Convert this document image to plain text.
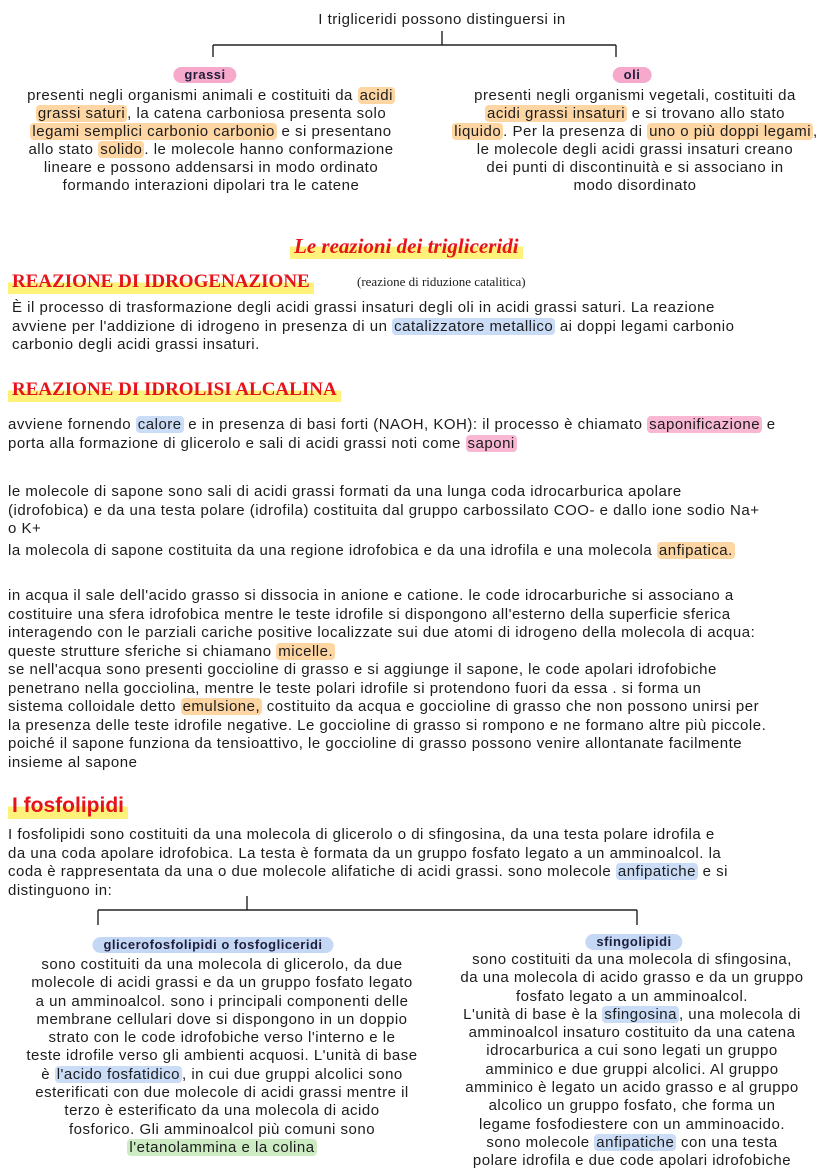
I trigliceridi possono distinguersi in
grassi
presenti negli organismi animali e costituiti da acidi
grassi saturi , la catena carboniosa presenta solo
legami semplici carbonio carbonio e si presentano
allo stato solido . le molecole hanno conformazione
lineare e possono addensarsi in modo ordinato
formando interazioni dipolari tra le catene
oli
presenti negli organismi vegetali, costituiti da
acidi grassi insaturi e si trovano allo stato
liquido . Per la presenza di uno o più doppi legami ,
le molecole degli acidi grassi insaturi creano
dei punti di discontinuità e si associano in
modo disordinato
Le reazioni dei trigliceridi
REAZIONE DI IDROGENAZIONE	(reazione di riduzione catalitica)
È il processo di trasformazione degli acidi grassi insaturi degli oli in acidi grassi saturi. La reazione
avviene per l'addizione di idrogeno in presenza di un catalizzatore metallico ai doppi legami carbonio
carbonio degli acidi grassi insaturi.
REAZIONE DI IDROLISI ALCALINA
avviene fornendo calore e in presenza di basi forti (NAOH, KOH): il processo è chiamato saponificazione e
porta alla formazione di glicerolo e sali di acidi grassi noti come saponi
le molecole di sapone sono sali di acidi grassi formati da una lunga coda idrocarburica apolare
(idrofobica) e da una testa polare (idrofila) costituita dal gruppo carbossilato COO- e dallo ione sodio Na+
o K+
la molecola di sapone costituita da una regione idrofobica e da una idrofila e una molecola anfipatica.
in acqua il sale dell'acido grasso si dissocia in anione e catione. le code idrocarburiche si associano a
costituire una sfera idrofobica mentre le teste idrofile si dispongono all'esterno della superficie sferica
interagendo con le parziali cariche positive localizzate sui due atomi di idrogeno della molecola di acqua:
queste strutture sferiche si chiamano micelle.
se nell'acqua sono presenti goccioline di grasso e si aggiunge il sapone, le code apolari idrofobiche
penetrano nella gocciolina, mentre le teste polari idrofile si protendono fuori da essa . si forma un
sistema colloidale detto emulsione, costituito da acqua e goccioline di grasso che non possono unirsi per
la presenza delle teste idrofile negative. Le goccioline di grasso si rompono e ne formano altre più piccole.
poiché il sapone funziona da tensioattivo, le goccioline di grasso possono venire allontanate facilmente
insieme al sapone
I fosfolipidi
I fosfolipidi sono costituiti da una molecola di glicerolo o di sfingosina, da una testa polare idrofila e
da una coda apolare idrofobica. La testa è formata da un gruppo fosfato legato a un amminoalcol. la
coda è rappresentata da una o due molecole alifatiche di acidi grassi. sono molecole anfipatiche e si
distinguono in:
glicerofosfolipidi o fosfogliceridi
sono costituiti da una molecola di glicerolo, da due
molecole di acidi grassi e da un gruppo fosfato legato
a un amminoalcol. sono i principali componenti delle
membrane cellulari dove si dispongono in un doppio
strato con le code idrofobiche verso l'interno e le
teste idrofile verso gli ambienti acquosi. L'unità di base
è l'acido fosfatidico , in cui due gruppi alcolici sono
esterificati con due molecole di acidi grassi mentre il
terzo è esterificato da una molecola di acido
fosforico. Gli amminoalcol più comuni sono
l'etanolammina e la colina
sfingolipidi
sono costituiti da una molecola di sfingosina,
da una molecola di acido grasso e da un gruppo
fosfato legato a un amminoalcol.
L'unità di base è la sfingosina , una molecola di
amminoalcol insaturo costituito da una catena
idrocarburica a cui sono legati un gruppo
amminico e due gruppi alcolici. Al gruppo
amminico è legato un acido grasso e al gruppo
alcolico un gruppo fosfato, che forma un
legame fosfodiestere con un amminoacido.
sono molecole anfipatiche con una testa
polare idrofila e due code apolari idrofobiche
